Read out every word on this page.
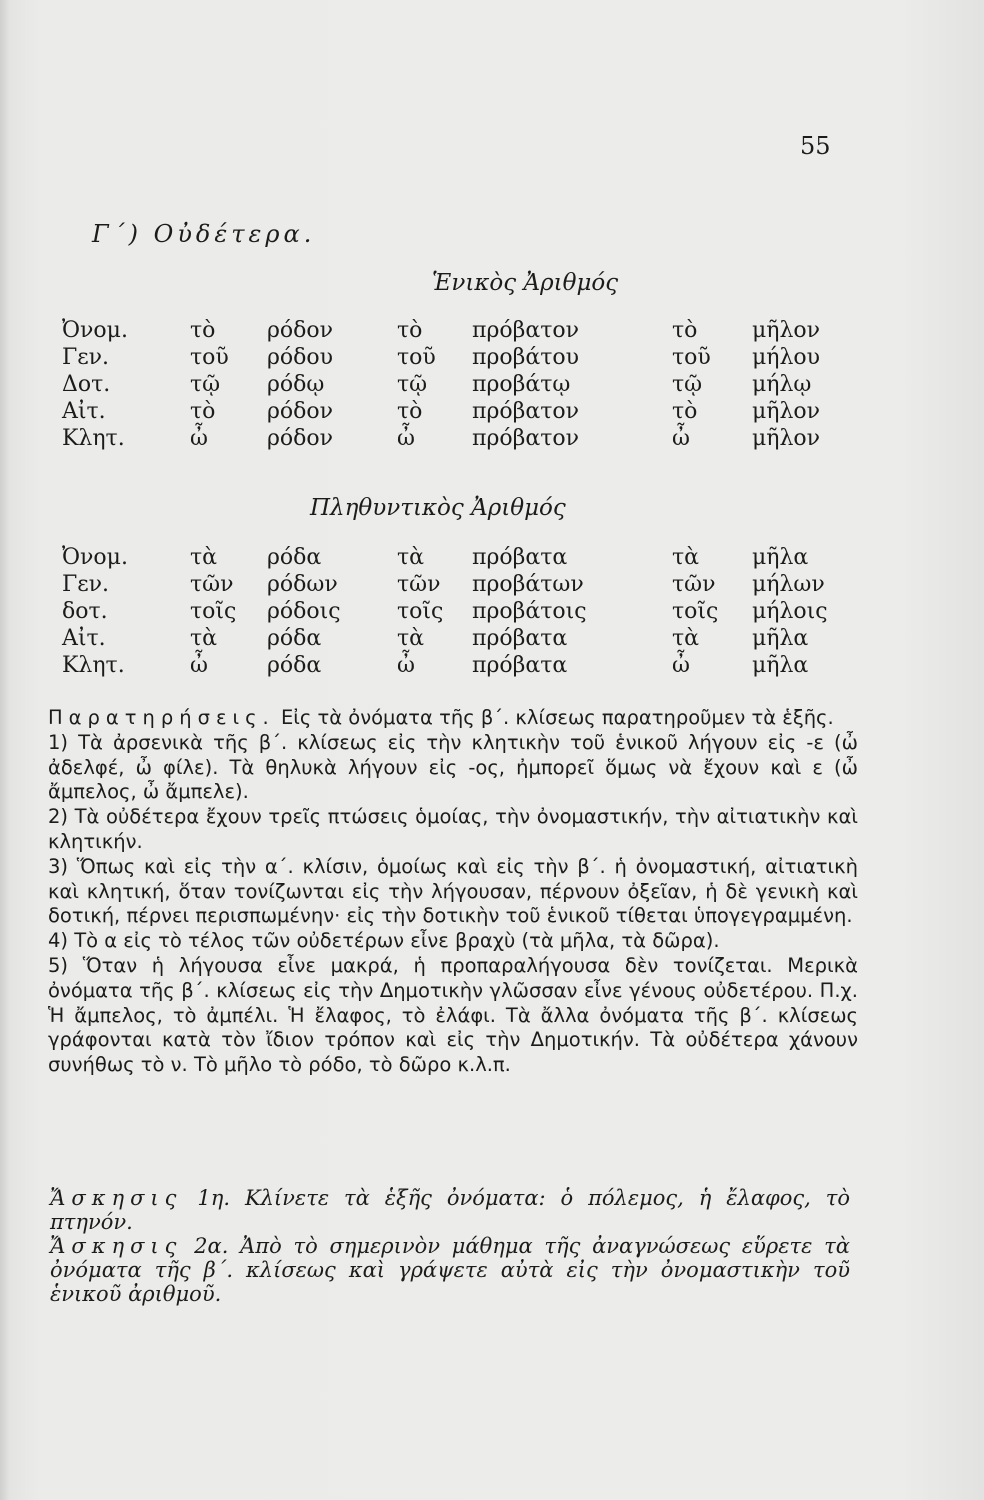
55
Γ΄) Οὐδέτερα.
Ἑνικὸς Ἀριθμός
Ὀνομ.	τὸ ρόδον	τὸ πρόβατον	τὸ μῆλον
Γεν.	τοῦ ρόδου	τοῦ προβάτου	τοῦ μήλου
Δοτ.	τῷ ρόδῳ	τῷ προβάτῳ	τῷ μήλῳ
Αἰτ.	τὸ ρόδον	τὸ πρόβατον	τὸ μῆλον
Κλητ.	ὦ	ρόδον	ὦ	πρόβατον	ὦ	μῆλον
Πληθυντικὸς Ἀριθμός
Ὀνομ.	τὰ ρόδα	τὰ πρόβατα	τὰ μῆλα
Γεν.	τῶν ρόδων	τῶν προβάτων	τῶν μήλων
δοτ.	τοῖς ρόδοις	τοῖς προβάτοις	τοῖς μήλοις
Αἰτ.	τὰ ρόδα	τὰ πρόβατα	τὰ μῆλα
Κλητ.	ὦ	ρόδα	ὦ	πρόβατα	ὦ	μῆλα

Παρατηρήσεις. Εἰς τὰ ὀνόματα τῆς β΄. κλίσεως παρατηροῦμεν τὰ ἑξῆς.

1) Τὰ ἀρσενικὰ τῆς β΄. κλίσεως εἰς τὴν κλητικὴν τοῦ ἑνικοῦ λήγουν εἰς -ε (ὦ ἀδελφέ, ὦ φίλε). Τὰ θηλυκὰ λήγουν εἰς -ος, ἠμπορεῖ ὅμως νὰ ἔχουν καὶ ε (ὦ ἄμπελος, ὦ ἄμπελε).

2) Τὰ οὐδέτερα ἔχουν τρεῖς πτώσεις ὁμοίας, τὴν ὀνομαστικήν, τὴν αἰτιατικὴν καὶ κλητικήν.

3) Ὅπως καὶ εἰς τὴν α΄. κλίσιν, ὁμοίως καὶ εἰς τὴν β΄. ἡ ὀνομαστική, αἰτιατικὴ καὶ κλητική, ὅταν τονίζωνται εἰς τὴν λήγουσαν, πέρνουν ὀξεῖαν, ἡ δὲ γενικὴ καὶ δοτική, πέρνει περισπωμένην· εἰς τὴν δοτικὴν τοῦ ἑνικοῦ τίθεται ὑπογεγραμμένη.

4) Τὸ α εἰς τὸ τέλος τῶν οὐδετέρων εἶνε βραχὺ (τὰ μῆλα, τὰ δῶρα).

5) Ὅταν ἡ λήγουσα εἶνε μακρά, ἡ προπαραλήγουσα δὲν τονίζεται. Μερικὰ ὀνόματα τῆς β΄. κλίσεως εἰς τὴν Δημοτικὴν γλῶσσαν εἶνε γένους οὐδετέρου. Π.χ. Ἡ ἄμπελος, τὸ ἀμπέλι. Ἡ ἔλαφος, τὸ ἐλάφι. Τὰ ἄλλα ὀνόματα τῆς β΄. κλίσεως γράφονται κατὰ τὸν ἴδιον τρόπον καὶ εἰς τὴν Δημοτικήν. Τὰ οὐδέτερα χάνουν συνήθως τὸ ν. Τὸ μῆλο τὸ ρόδο, τὸ δῶρο κ.λ.π.

Ἄσκησις 1η. Κλίνετε τὰ ἑξῆς ὀνόματα: ὁ πόλεμος, ἡ ἔλαφος, τὸ πτηνόν.

Ἄσκησις 2α. Ἀπὸ τὸ σημερινὸν μάθημα τῆς ἀναγνώσεως εὕρετε τὰ ὀνόματα τῆς β΄. κλίσεως καὶ γράψετε αὐτὰ εἰς τὴν ὀνομαστικὴν τοῦ ἑνικοῦ ἀριθμοῦ.
